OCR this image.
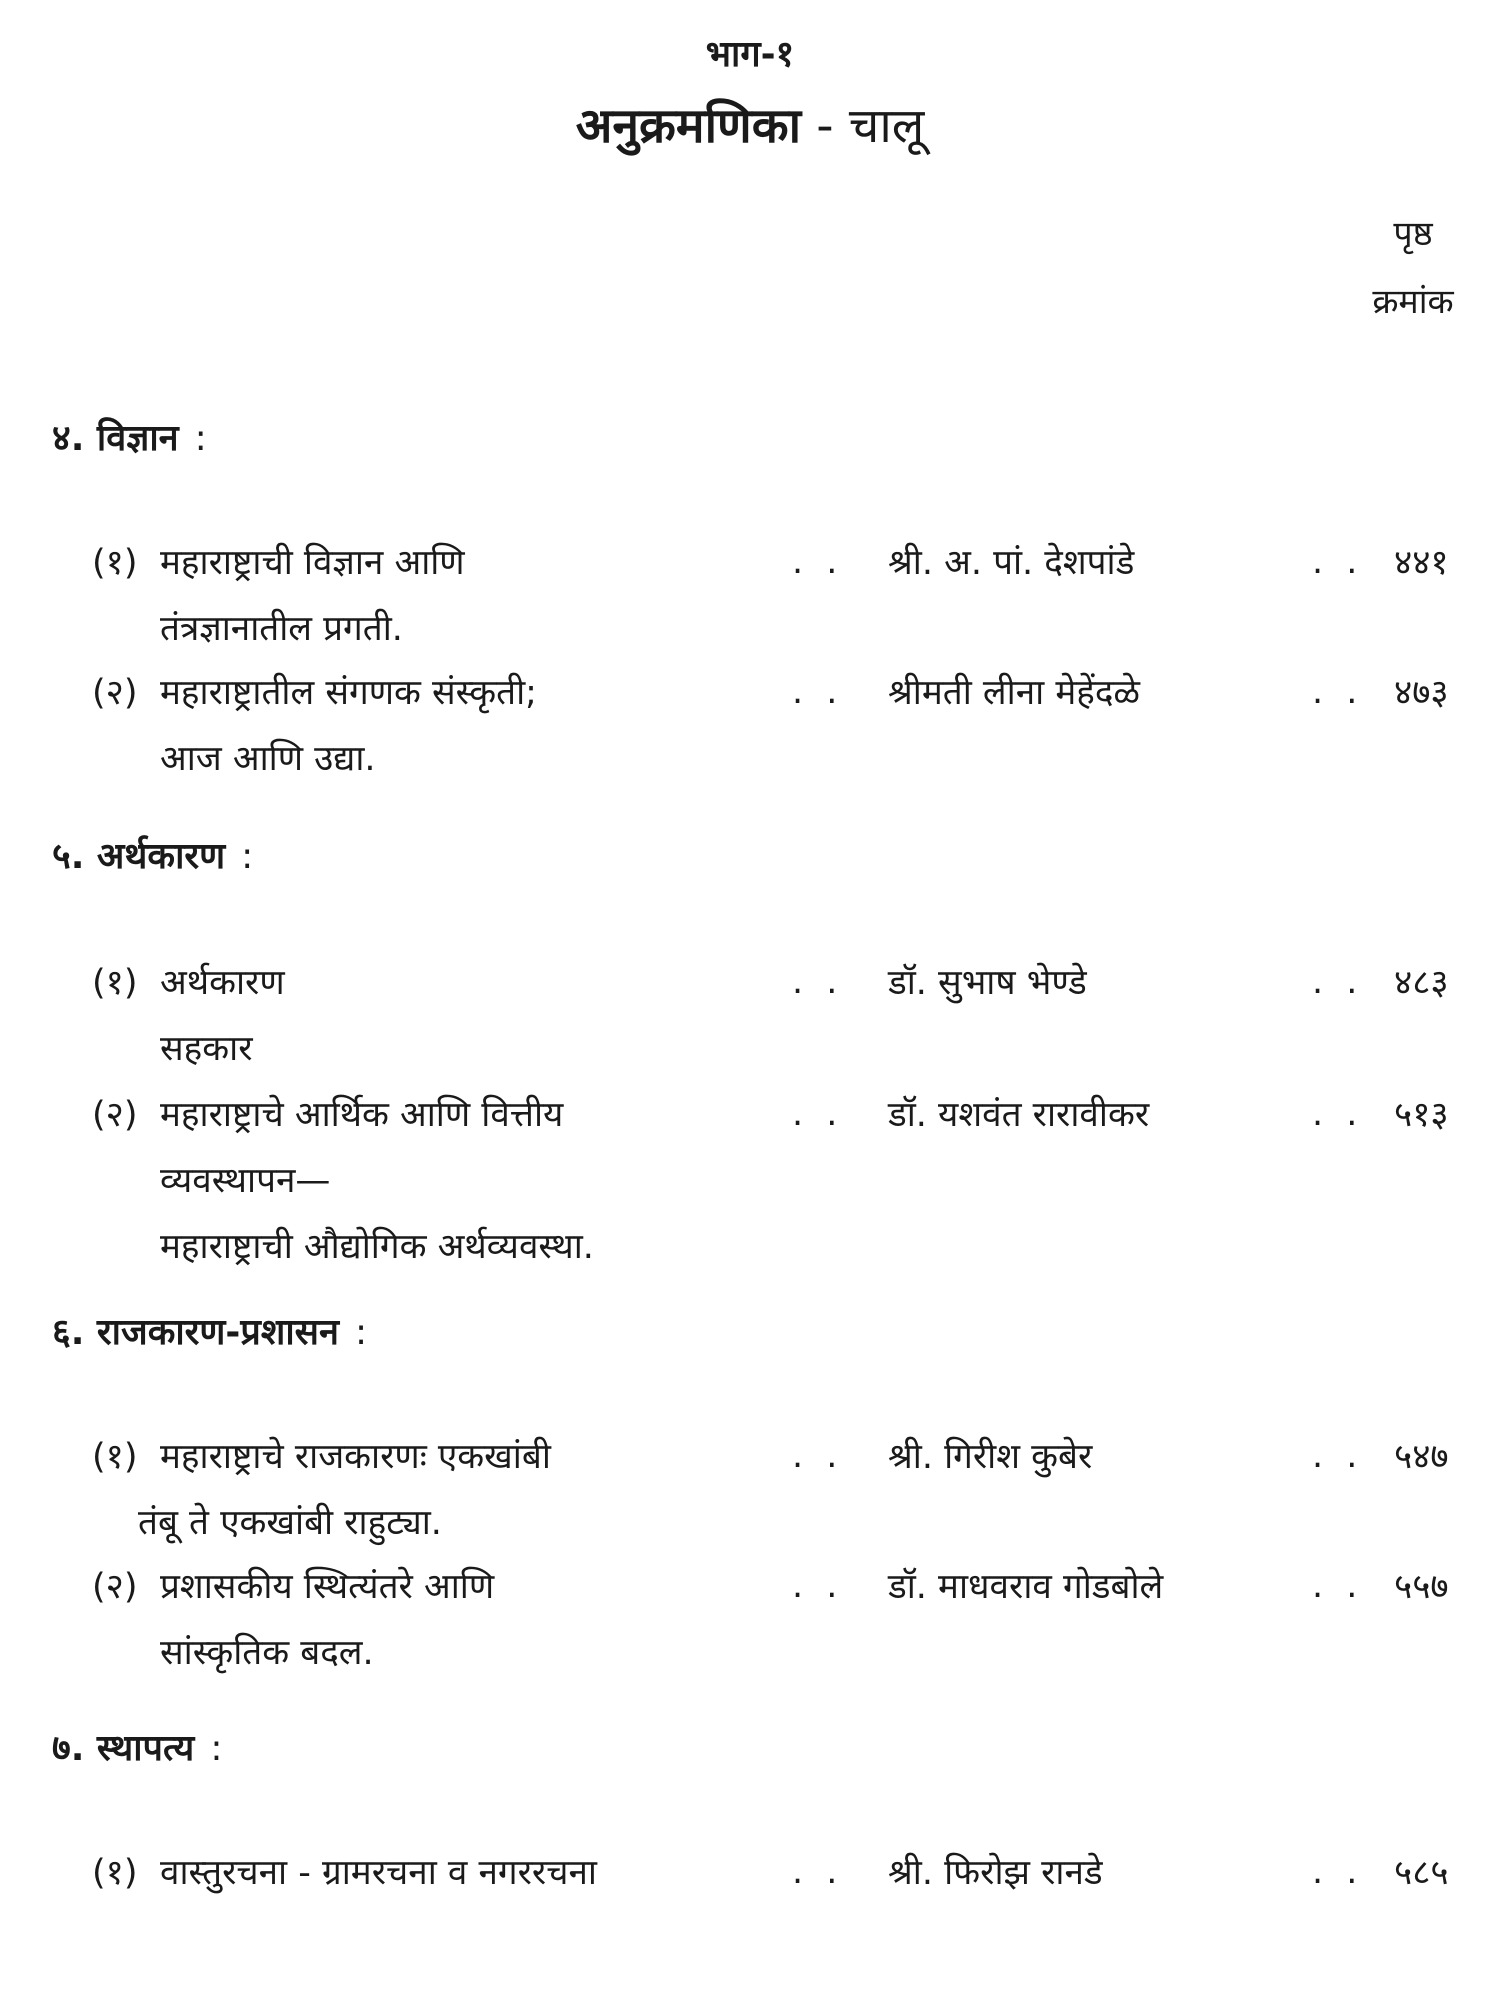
भाग-१
अनुक्रमणिका - चालू
पृष्ठ
क्रमांक
४. विज्ञान :
(१) महाराष्ट्राची विज्ञान आणि
तंत्रज्ञानातील प्रगती.
. . श्री. अ. पां. देशपांडे	. . ४४१
(२) महाराष्ट्रातील संगणक संस्कृती;
आज आणि उद्या.
. . श्रीमती लीना मेहेंदळे	. . ४७३
५. अर्थकारण :
(१) अर्थकारण
सहकार
. . डॉ. सुभाष भेण्डे	. . ४८३
(२) महाराष्ट्राचे आर्थिक आणि वित्तीय
व्यवस्थापन—
महाराष्ट्राची औद्योगिक अर्थव्यवस्था.
. . डॉ. यशवंत रारावीकर	. . ५१३
६. राजकारण-प्रशासन :
(१) महाराष्ट्राचे राजकारणः एकखांबी
तंबू ते एकखांबी राहुट्या.
. . श्री. गिरीश कुबेर	. . ५४७
(२) प्रशासकीय स्थित्यंतरे आणि
सांस्कृतिक बदल.
. . डॉ. माधवराव गोडबोले	. . ५५७
७. स्थापत्य :
(१) वास्तुरचना - ग्रामरचना व नगररचना	. . श्री. फिरोझ रानडे	. . ५८५
